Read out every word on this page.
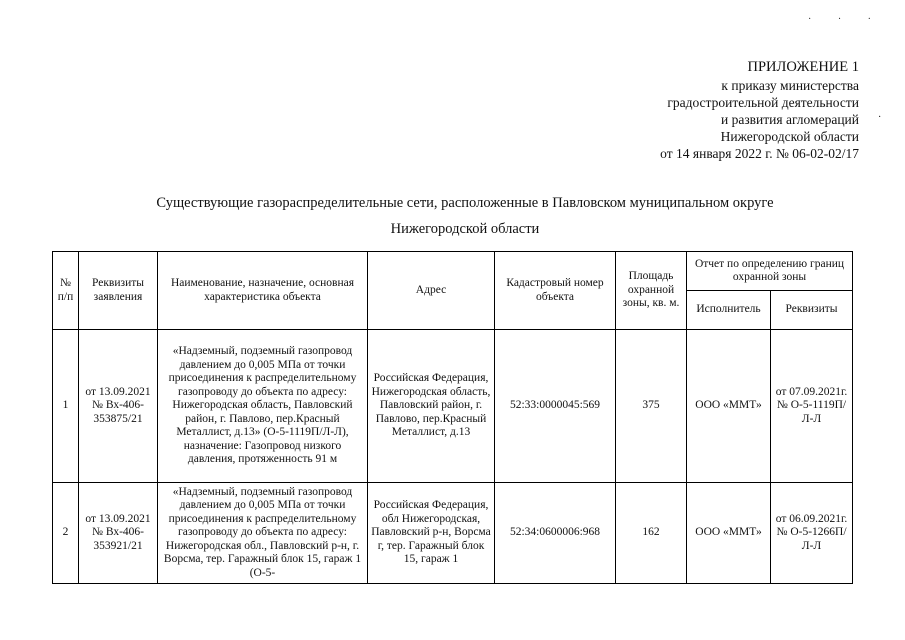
· · ·
·
ПРИЛОЖЕНИЕ 1
к приказу министерства
градостроительной деятельности
и развития агломераций
Нижегородской области
от 14 января 2022 г. № 06-02-02/17
Существующие газораспределительные сети, расположенные в Павловском муниципальном округе
Нижегородской области
№ п/п	Реквизиты заявления	Наименование, назначение, основная характеристика объекта	Адрес	Кадастровый номер объекта	Площадь охранной зоны, кв. м.	Отчет по определению границ охранной зоны	
						Исполнитель	Реквизиты
1	от 13.09.2021 № Вх-406-353875/21	«Надземный, подземный газопровод давлением до 0,005 МПа от точки присоединения к распределительному газопроводу до объекта по адресу: Нижегородская область, Павловский район, г. Павлово, пер.Красный Металлист, д.13» (О-5-1119П/Л-Л), назначение: Газопровод низкого давления, протяженность 91 м	Российская Федерация, Нижегородская область, Павловский район, г. Павлово, пер.Красный Металлист, д.13	52:33:0000045:569	375	ООО «ММТ»	от 07.09.2021г. № О-5-1119П/Л-Л
2	от 13.09.2021 № Вх-406-353921/21	«Надземный, подземный газопровод давлением до 0,005 МПа от точки присоединения к распределительному газопроводу до объекта по адресу: Нижегородская обл., Павловский р-н, г. Ворсма, тер. Гаражный блок 15, гараж 1 (О-5-	Российская Федерация, обл Нижегородская, Павловский р-н, Ворсма г, тер. Гаражный блок 15, гараж 1	52:34:0600006:968	162	ООО «ММТ»	от 06.09.2021г. № О-5-1266П/Л-Л
